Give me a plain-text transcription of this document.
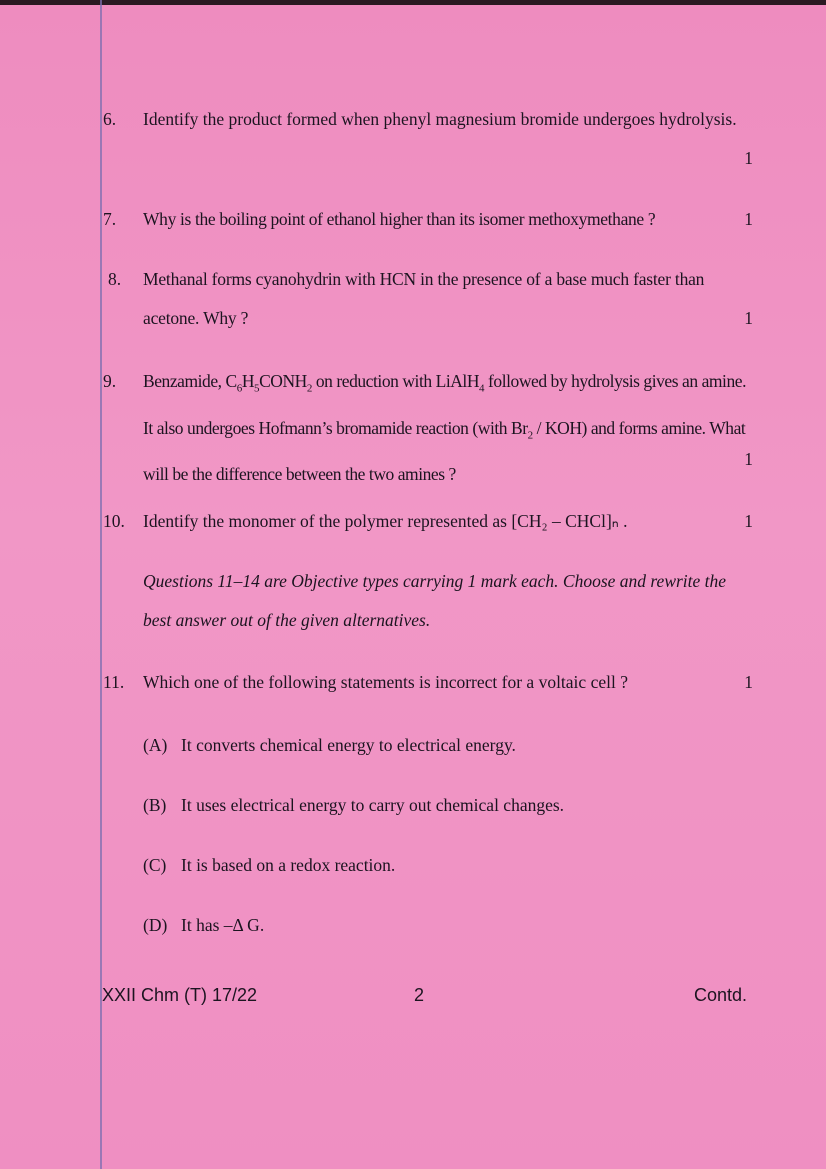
6. Identify the product formed when phenyl magnesium bromide undergoes hydrolysis.
1
7. Why is the boiling point of ethanol higher than its isomer methoxymethane ?	1
8. Methanal forms cyanohydrin with HCN in the presence of a base much faster than acetone. Why ?	1
9. Benzamide, $C_6H_5CONH_2$ on reduction with LiAlH$_4$ followed by hydrolysis gives an amine. It also undergoes Hofmann’s bromamide reaction (with $Br_2 / KOH$) and forms amine. What will be the difference between the two amines ?
1
10. Identify the monomer of the polymer represented as [CH₂ – CHCl]ₙ .	1
Questions 11–14 are Objective types carrying 1 mark each. Choose and rewrite the best answer out of the given alternatives.
11. Which one of the following statements is incorrect for a voltaic cell ?	1
(A) It converts chemical energy to electrical energy.
(B) It uses electrical energy to carry out chemical changes.
(C) It is based on a redox reaction.
(D) It has –Δ G.
XXII Chm (T) 17/22	2	Contd.
